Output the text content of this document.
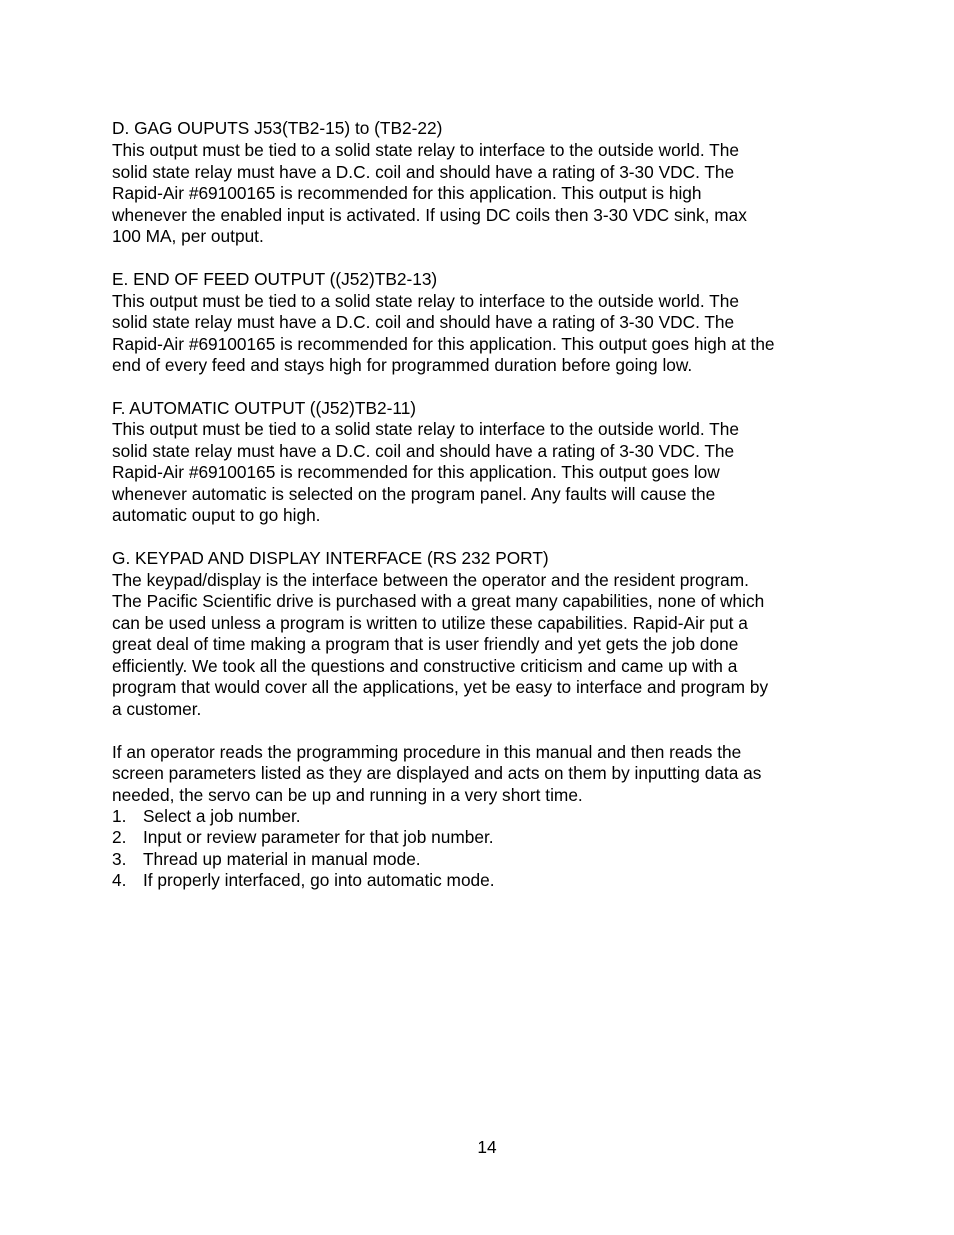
D. GAG OUPUTS J53(TB2-15) to (TB2-22)
This output must be tied to a solid state relay to interface to the outside world. The
solid state relay must have a D.C. coil and should have a rating of 3-30 VDC. The
Rapid-Air #69100165 is recommended for this application. This output is high
whenever the enabled input is activated. If using DC coils then 3-30 VDC sink, max
100 MA, per output.
E. END OF FEED OUTPUT ((J52)TB2-13)
This output must be tied to a solid state relay to interface to the outside world. The
solid state relay must have a D.C. coil and should have a rating of 3-30 VDC. The
Rapid-Air #69100165 is recommended for this application. This output goes high at the
end of every feed and stays high for programmed duration before going low.
F. AUTOMATIC OUTPUT ((J52)TB2-11)
This output must be tied to a solid state relay to interface to the outside world. The
solid state relay must have a D.C. coil and should have a rating of 3-30 VDC. The
Rapid-Air #69100165 is recommended for this application. This output goes low
whenever automatic is selected on the program panel. Any faults will cause the
automatic ouput to go high.
G. KEYPAD AND DISPLAY INTERFACE (RS 232 PORT)
The keypad/display is the interface between the operator and the resident program.
The Pacific Scientific drive is purchased with a great many capabilities, none of which
can be used unless a program is written to utilize these capabilities. Rapid-Air put a
great deal of time making a program that is user friendly and yet gets the job done
efficiently. We took all the questions and constructive criticism and came up with a
program that would cover all the applications, yet be easy to interface and program by
a customer.
If an operator reads the programming procedure in this manual and then reads the
screen parameters listed as they are displayed and acts on them by inputting data as
needed, the servo can be up and running in a very short time.
1. Select a job number.
2. Input or review parameter for that job number.
3. Thread up material in manual mode.
4. If properly interfaced, go into automatic mode.
14
